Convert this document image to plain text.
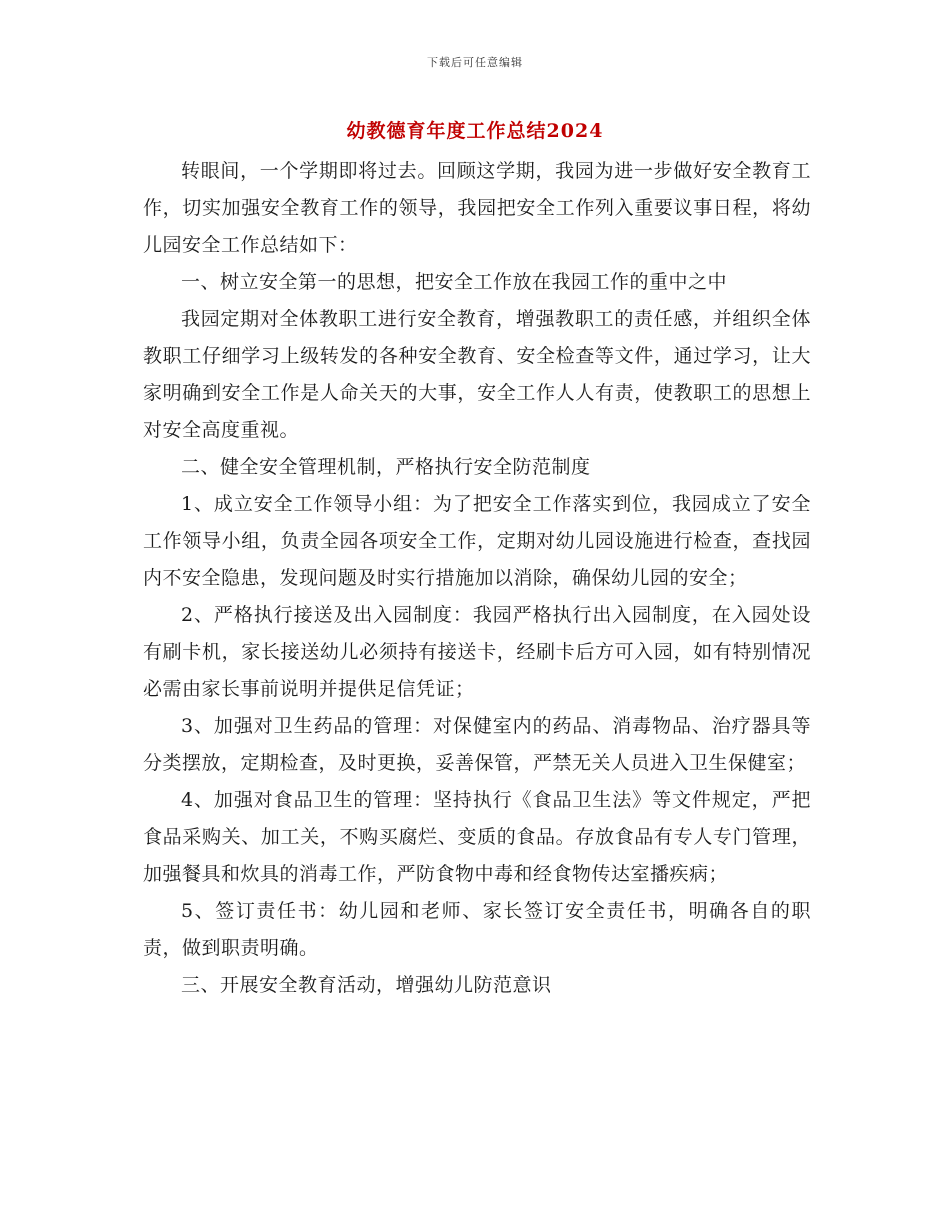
下载后可任意编辑
幼教德育年度工作总结2024

转眼间，一个学期即将过去。回顾这学期，我园为进一步做好安全教育工作，切实加强安全教育工作的领导，我园把安全工作列入重要议事日程，将幼儿园安全工作总结如下：

一、树立安全第一的思想，把安全工作放在我园工作的重中之中

我园定期对全体教职工进行安全教育，增强教职工的责任感，并组织全体教职工仔细学习上级转发的各种安全教育、安全检查等文件，通过学习，让大家明确到安全工作是人命关天的大事，安全工作人人有责，使教职工的思想上对安全高度重视。

二、健全安全管理机制，严格执行安全防范制度

1、成立安全工作领导小组：为了把安全工作落实到位，我园成立了安全工作领导小组，负责全园各项安全工作，定期对幼儿园设施进行检查，查找园内不安全隐患，发现问题及时实行措施加以消除，确保幼儿园的安全；

2、严格执行接送及出入园制度：我园严格执行出入园制度，在入园处设有刷卡机，家长接送幼儿必须持有接送卡，经刷卡后方可入园，如有特别情况必需由家长事前说明并提供足信凭证；

3、加强对卫生药品的管理：对保健室内的药品、消毒物品、治疗器具等分类摆放，定期检查，及时更换，妥善保管，严禁无关人员进入卫生保健室；

4、加强对食品卫生的管理：坚持执行《食品卫生法》等文件规定，严把食品采购关、加工关，不购买腐烂、变质的食品。存放食品有专人专门管理，加强餐具和炊具的消毒工作，严防食物中毒和经食物传达室播疾病；

5、签订责任书：幼儿园和老师、家长签订安全责任书，明确各自的职责，做到职责明确。

三、开展安全教育活动，增强幼儿防范意识
